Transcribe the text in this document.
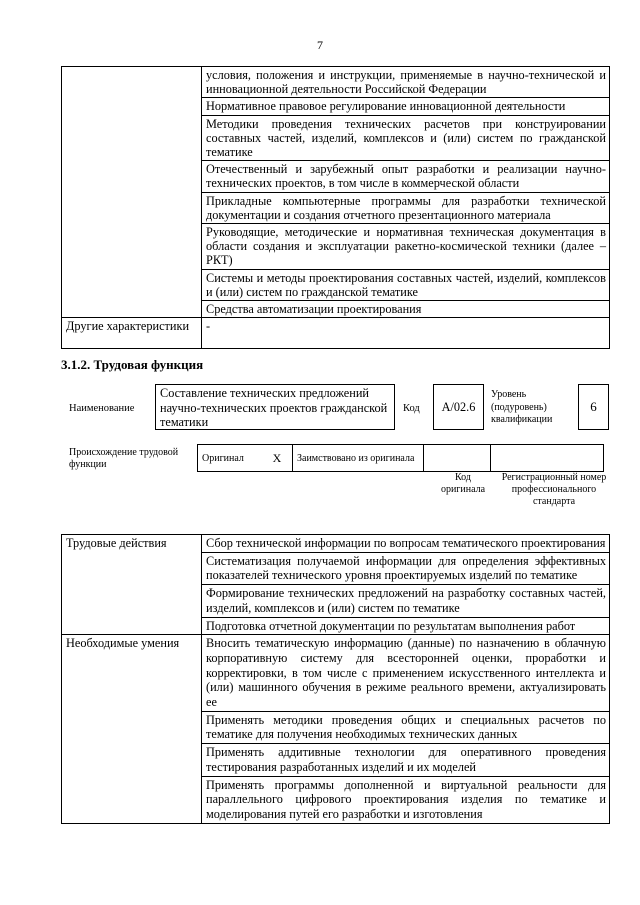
7
	условия, положения и инструкции, применяемые в научно-технической и инновационной деятельности Российской Федерации
	Нормативное правовое регулирование инновационной деятельности
	Методики проведения технических расчетов при конструировании составных частей, изделий, комплексов и (или) систем по гражданской тематике
	Отечественный и зарубежный опыт разработки и реализации научно-технических проектов, в том числе в коммерческой области
	Прикладные компьютерные программы для разработки технической документации и создания отчетного презентационного материала
	Руководящие, методические и нормативная техническая документация в области создания и эксплуатации ракетно-космической техники (далее – РКТ)
	Системы и методы проектирования составных частей, изделий, комплексов и (или) систем по гражданской тематике
	Средства автоматизации проектирования
Другие характеристики	-
3.1.2. Трудовая функция
Наименование
Составление технических предложений научно-технических проектов гражданской тематики
Код	A/02.6
Уровень (подуровень) квалификации
6
Происхождение трудовой функции
Оригинал	X	Заимствовано из оригинала		
Код оригинала
Регистрационный номер профессионального стандарта
Трудовые действия	Сбор технической информации по вопросам тематического проектирования
	Систематизация получаемой информации для определения эффективных показателей технического уровня проектируемых изделий по тематике
	Формирование технических предложений на разработку составных частей, изделий, комплексов и (или) систем по тематике
	Подготовка отчетной документации по результатам выполнения работ
Необходимые умения	Вносить тематическую информацию (данные) по назначению в облачную корпоративную систему для всесторонней оценки, проработки и корректировки, в том числе с применением искусственного интеллекта и (или) машинного обучения в режиме реального времени, актуализировать ее
	Применять методики проведения общих и специальных расчетов по тематике для получения необходимых технических данных
	Применять аддитивные технологии для оперативного проведения тестирования разработанных изделий и их моделей
	Применять программы дополненной и виртуальной реальности для параллельного цифрового проектирования изделия по тематике и моделирования путей его разработки и изготовления
